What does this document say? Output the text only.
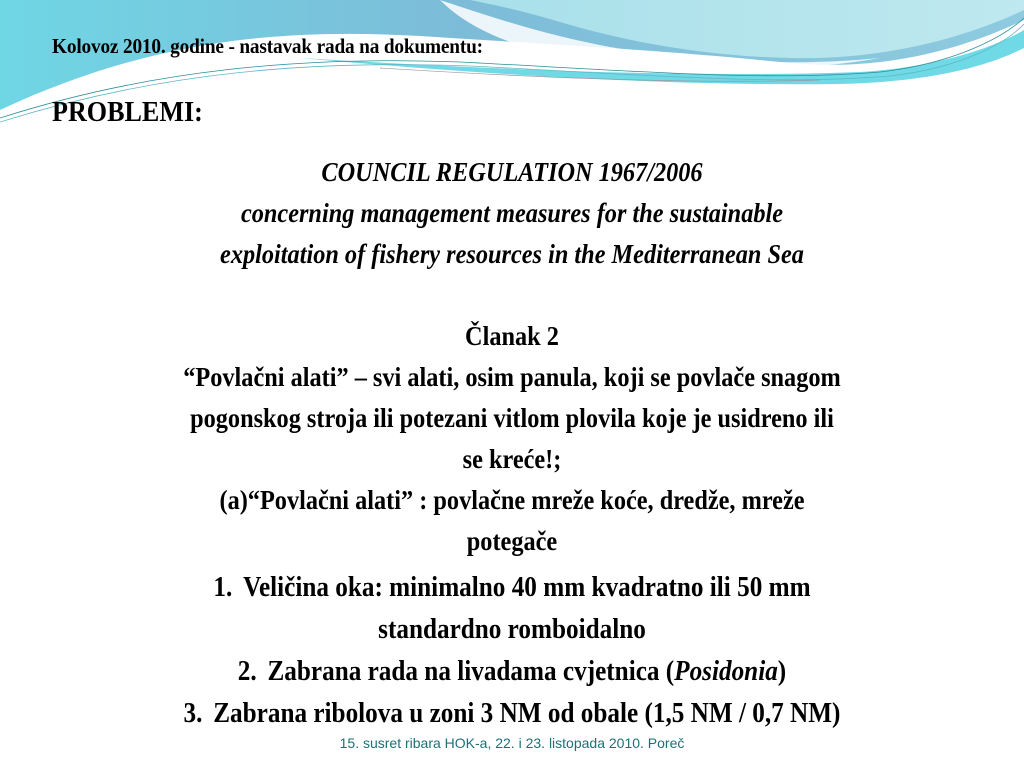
Kolovoz 2010. godine - nastavak rada na dokumentu:
PROBLEMI:
COUNCIL REGULATION 1967/2006
concerning management measures for the sustainable
exploitation of fishery resources in the Mediterranean Sea
Članak 2
“Povlačni alati” – svi alati, osim panula, koji se povlače snagom
pogonskog stroja ili potezani vitlom plovila koje je usidreno ili
se kreće!;
(a)“Povlačni alati” : povlačne mreže koće, dredže, mreže
potegače
1. Veličina oka: minimalno 40 mm kvadratno ili 50 mm
standardno romboidalno
2. Zabrana rada na livadama cvjetnica (Posidonia)
3. Zabrana ribolova u zoni 3 NM od obale (1,5 NM / 0,7 NM)
15. susret ribara HOK-a, 22. i 23. listopada 2010. Poreč
